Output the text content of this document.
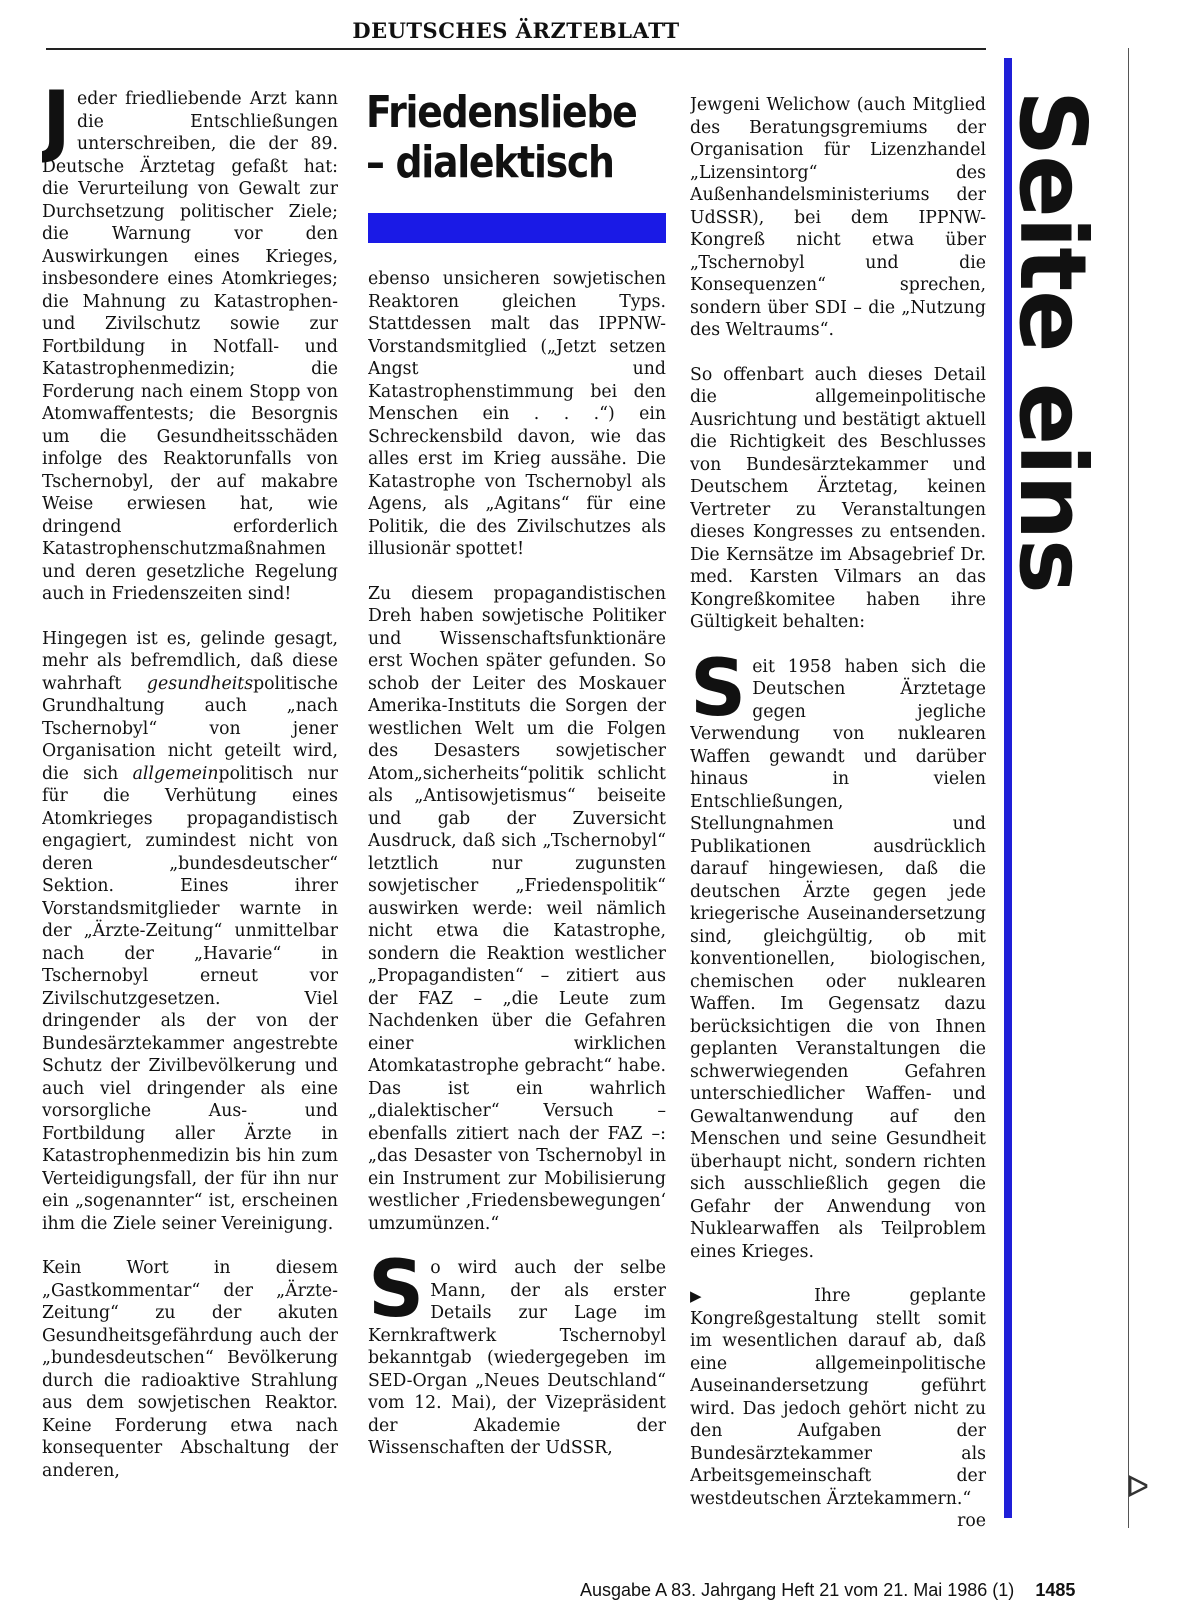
DEUTSCHES ÄRZTEBLATT

Jeder friedliebende Arzt kann die Entschließungen unterschreiben, die der 89. Deutsche Ärztetag gefaßt hat: die Verurteilung von Gewalt zur Durchsetzung politischer Ziele; die Warnung vor den Auswirkungen eines Krieges, insbesondere eines Atomkrieges; die Mahnung zu Katastrophen- und Zivilschutz sowie zur Fortbildung in Notfall- und Katastrophenmedizin; die Forderung nach einem Stopp von Atomwaffentests; die Besorgnis um die Gesundheitsschäden infolge des Reaktorunfalls von Tschernobyl, der auf makabre Weise erwiesen hat, wie dringend erforderlich Katastrophenschutzmaßnahmen und deren gesetzliche Regelung auch in Friedenszeiten sind!

Hingegen ist es, gelinde gesagt, mehr als befremdlich, daß diese wahrhaft gesundheitspolitische Grundhaltung auch „nach Tschernobyl“ von jener Organisation nicht geteilt wird, die sich allgemeinpolitisch nur für die Verhütung eines Atomkrieges propagandistisch engagiert, zumindest nicht von deren „bundesdeutscher“ Sektion. Eines ihrer Vorstandsmitglieder warnte in der „Ärzte-Zeitung“ unmittelbar nach der „Havarie“ in Tschernobyl erneut vor Zivilschutzgesetzen. Viel dringender als der von der Bundesärztekammer angestrebte Schutz der Zivilbevölkerung und auch viel dringender als eine vorsorgliche Aus- und Fortbildung aller Ärzte in Katastrophenmedizin bis hin zum Verteidigungsfall, der für ihn nur ein „sogenannter“ ist, erscheinen ihm die Ziele seiner Vereinigung.

Kein Wort in diesem „Gastkommentar“ der „Ärzte-Zeitung“ zu der akuten Gesundheitsgefährdung auch der „bundesdeutschen“ Bevölkerung durch die radioaktive Strahlung aus dem sowjetischen Reaktor. Keine Forderung etwa nach konsequenter Abschaltung der anderen,

Friedensliebe
– dialektisch

ebenso unsicheren sowjetischen Reaktoren gleichen Typs. Stattdessen malt das IPPNW-Vorstandsmitglied („Jetzt setzen Angst und Katastrophenstimmung bei den Menschen ein . . .“) ein Schreckensbild davon, wie das alles erst im Krieg aussähe. Die Katastrophe von Tschernobyl als Agens, als „Agitans“ für eine Politik, die des Zivilschutzes als illusionär spottet!

Zu diesem propagandistischen Dreh haben sowjetische Politiker und Wissenschaftsfunktionäre erst Wochen später gefunden. So schob der Leiter des Moskauer Amerika-Instituts die Sorgen der westlichen Welt um die Folgen des Desasters sowjetischer Atom„sicherheits“politik schlicht als „Antisowjetismus“ beiseite und gab der Zuversicht Ausdruck, daß sich „Tschernobyl“ letztlich nur zugunsten sowjetischer „Friedenspolitik“ auswirken werde: weil nämlich nicht etwa die Katastrophe, sondern die Reaktion westlicher „Propagandisten“ – zitiert aus der FAZ – „die Leute zum Nachdenken über die Gefahren einer wirklichen Atomkatastrophe gebracht“ habe. Das ist ein wahrlich „dialektischer“ Versuch – ebenfalls zitiert nach der FAZ –: „das Desaster von Tschernobyl in ein Instrument zur Mobilisierung westlicher ‚Friedensbewegungen‘ umzumünzen.“

So wird auch der selbe Mann, der als erster Details zur Lage im Kernkraftwerk Tschernobyl bekanntgab (wiedergegeben im SED-Organ „Neues Deutschland“ vom 12. Mai), der Vizepräsident der Akademie der Wissenschaften der UdSSR,

Jewgeni Welichow (auch Mitglied des Beratungsgremiums der Organisation für Lizenzhandel „Lizensintorg“ des Außenhandelsministeriums der UdSSR), bei dem IPPNW-Kongreß nicht etwa über „Tschernobyl und die Konsequenzen“ sprechen, sondern über SDI – die „Nutzung des Weltraums“.

So offenbart auch dieses Detail die allgemeinpolitische Ausrichtung und bestätigt aktuell die Richtigkeit des Beschlusses von Bundesärztekammer und Deutschem Ärztetag, keinen Vertreter zu Veranstaltungen dieses Kongresses zu entsenden. Die Kernsätze im Absagebrief Dr. med. Karsten Vilmars an das Kongreßkomitee haben ihre Gültigkeit behalten:

Seit 1958 haben sich die Deutschen Ärztetage gegen jegliche Verwendung von nuklearen Waffen gewandt und darüber hinaus in vielen Entschließungen, Stellungnahmen und Publikationen ausdrücklich darauf hingewiesen, daß die deutschen Ärzte gegen jede kriegerische Auseinandersetzung sind, gleichgültig, ob mit konventionellen, biologischen, chemischen oder nuklearen Waffen. Im Gegensatz dazu berücksichtigen die von Ihnen geplanten Veranstaltungen die schwerwiegenden Gefahren unterschiedlicher Waffen- und Gewaltanwendung auf den Menschen und seine Gesundheit überhaupt nicht, sondern richten sich ausschließlich gegen die Gefahr der Anwendung von Nuklearwaffen als Teilproblem eines Krieges.

▶	Ihre geplante Kongreßgestaltung stellt somit im wesentlichen darauf ab, daß eine allgemeinpolitische Auseinandersetzung geführt wird. Das jedoch gehört nicht zu den Aufgaben der Bundesärztekammer als Arbeitsgemeinschaft der westdeutschen Ärztekammern.“
roe

Seite eins
ᐅ
Ausgabe A 83. Jahrgang Heft 21 vom 21. Mai 1986 (1) 1485
